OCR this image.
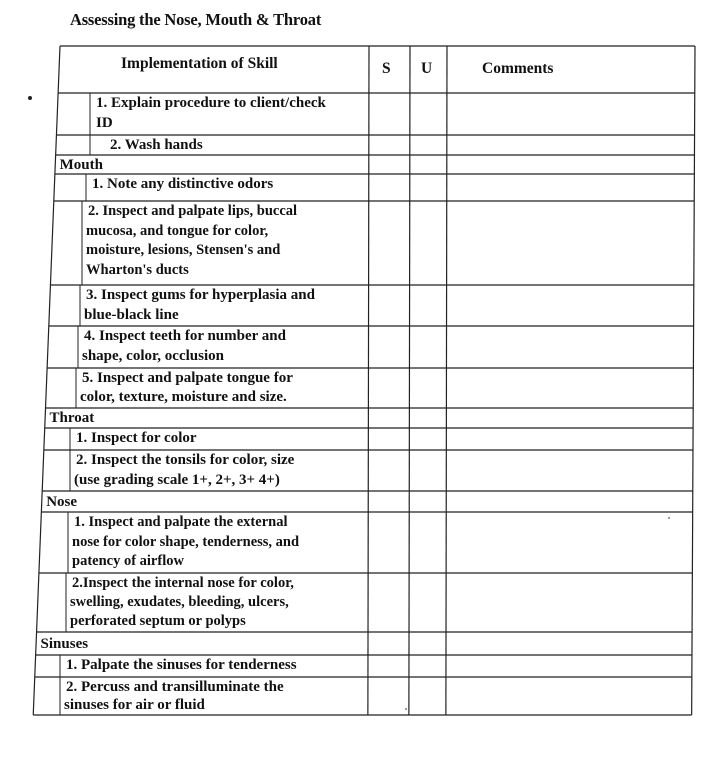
Assessing the Nose, Mouth & Throat
Implementation of Skill	S U	Comments
1. Explain procedure to client/check
ID
2. Wash hands
Mouth
1. Note any distinctive odors
2. Inspect and palpate lips, buccal
mucosa, and tongue for color,
moisture, lesions, Stensen's and
Wharton's ducts
3. Inspect gums for hyperplasia and
blue-black line
4. Inspect teeth for number and
shape, color, occlusion
5. Inspect and palpate tongue for
color, texture, moisture and size.
Throat
1. Inspect for color
2. Inspect the tonsils for color, size
(use grading scale 1+, 2+, 3+ 4+)
Nose
1. Inspect and palpate the external
nose for color shape, tenderness, and
patency of airflow
2.Inspect the internal nose for color,
swelling, exudates, bleeding, ulcers,
perforated septum or polyps
Sinuses
1. Palpate the sinuses for tenderness
2. Percuss and transilluminate the
sinuses for air or fluid
